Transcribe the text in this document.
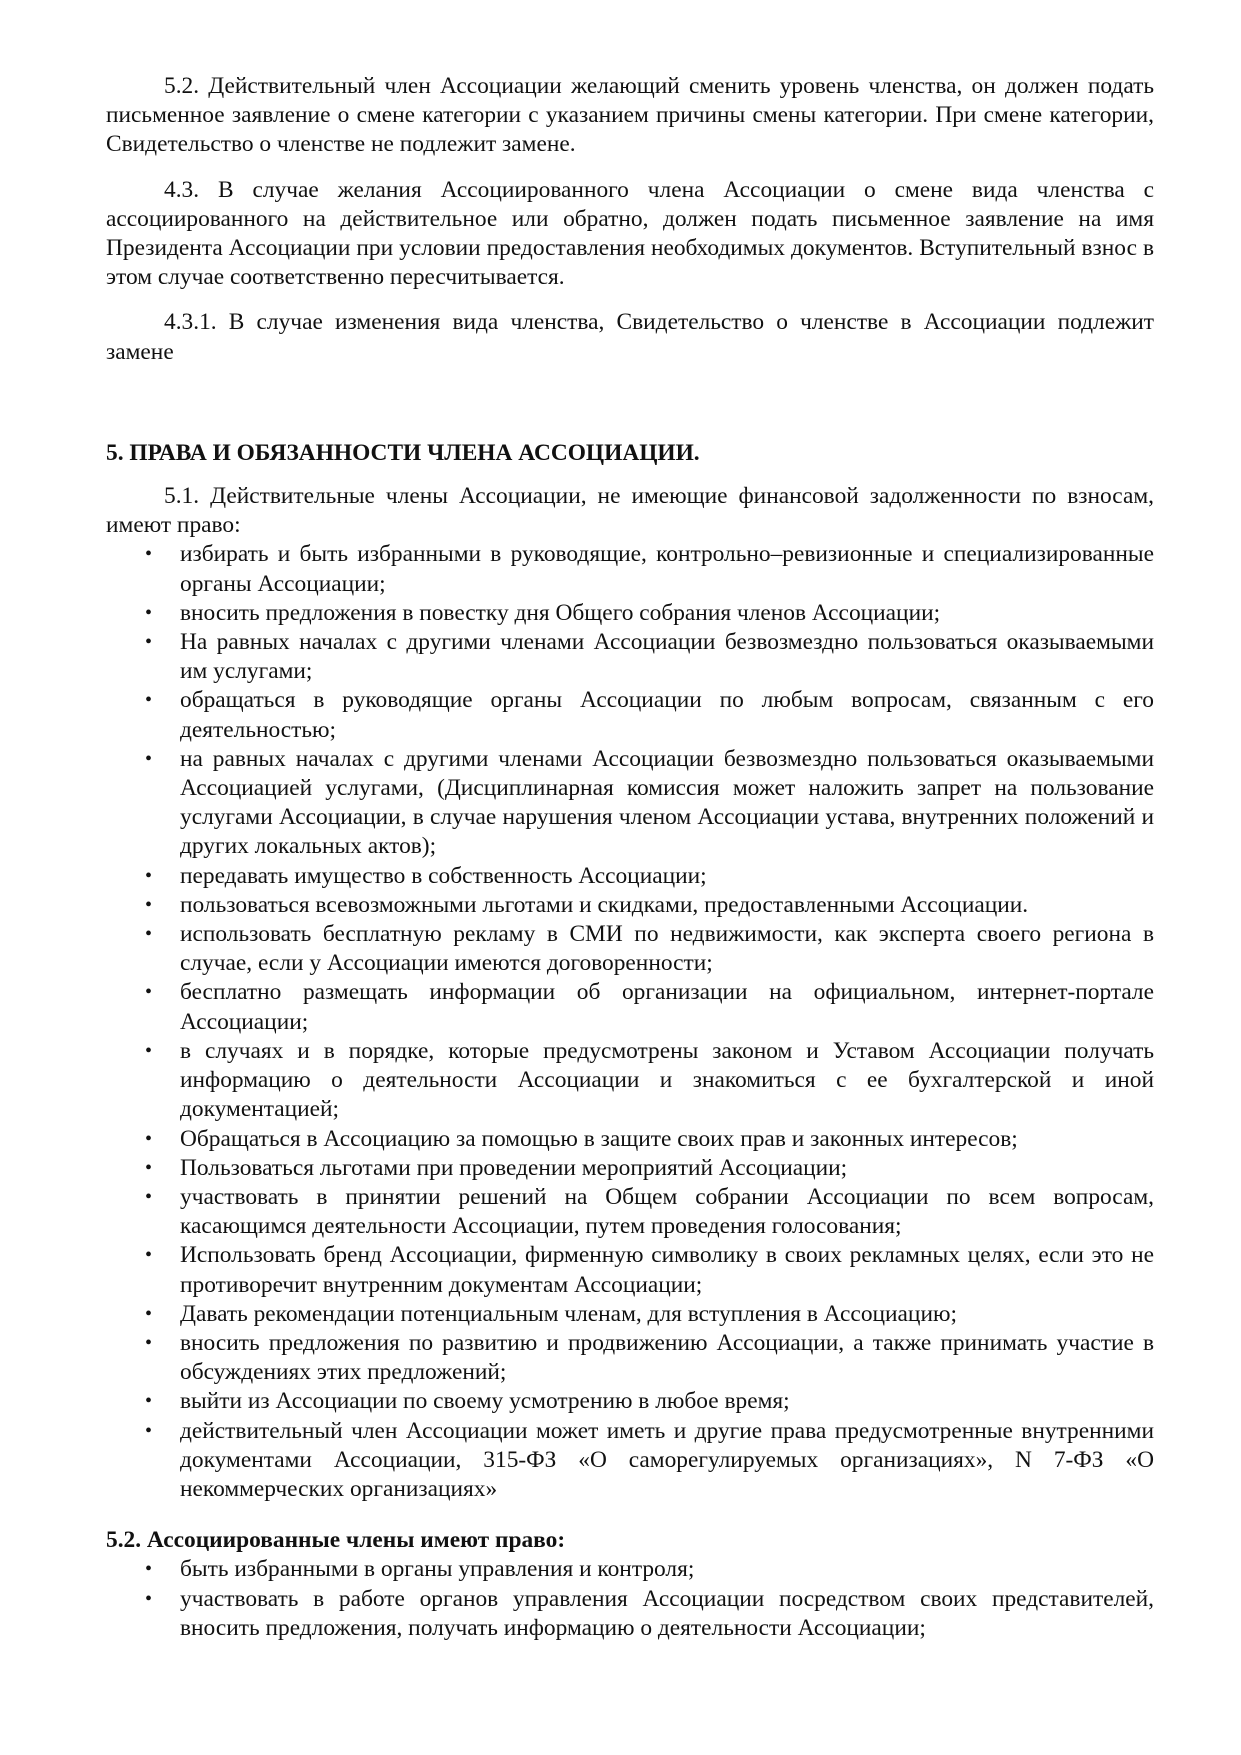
5.2. Действительный член Ассоциации желающий сменить уровень членства, он должен подать письменное заявление о смене категории с указанием причины смены категории. При смене категории, Свидетельство о членстве не подлежит замене.

4.3. В случае желания Ассоциированного члена Ассоциации о смене вида членства с ассоциированного на действительное или обратно, должен подать письменное заявление на имя Президента Ассоциации при условии предоставления необходимых документов. Вступительный взнос в этом случае соответственно пересчитывается.

4.3.1. В случае изменения вида членства, Свидетельство о членстве в Ассоциации подлежит замене

5. ПРАВА И ОБЯЗАННОСТИ ЧЛЕНА АССОЦИАЦИИ.

5.1. Действительные члены Ассоциации, не имеющие финансовой задолженности по взносам, имеют право:

• избирать и быть избранными в руководящие, контрольно–ревизионные и специализированные органы Ассоциации;
• вносить предложения в повестку дня Общего собрания членов Ассоциации;
• На равных началах с другими членами Ассоциации безвозмездно пользоваться оказываемыми им услугами;
• обращаться в руководящие органы Ассоциации по любым вопросам, связанным с его деятельностью;
• на равных началах с другими членами Ассоциации безвозмездно пользоваться оказываемыми Ассоциацией услугами, (Дисциплинарная комиссия может наложить запрет на пользование услугами Ассоциации, в случае нарушения членом Ассоциации устава, внутренних положений и других локальных актов);
• передавать имущество в собственность Ассоциации;
• пользоваться всевозможными льготами и скидками, предоставленными Ассоциации.
• использовать бесплатную рекламу в СМИ по недвижимости, как эксперта своего региона в случае, если у Ассоциации имеются договоренности;
• бесплатно размещать информации об организации на официальном, интернет-портале Ассоциации;
• в случаях и в порядке, которые предусмотрены законом и Уставом Ассоциации получать информацию о деятельности Ассоциации и знакомиться с ее бухгалтерской и иной документацией;
• Обращаться в Ассоциацию за помощью в защите своих прав и законных интересов;
• Пользоваться льготами при проведении мероприятий Ассоциации;
• участвовать в принятии решений на Общем собрании Ассоциации по всем вопросам, касающимся деятельности Ассоциации, путем проведения голосования;
• Использовать бренд Ассоциации, фирменную символику в своих рекламных целях, если это не противоречит внутренним документам Ассоциации;
• Давать рекомендации потенциальным членам, для вступления в Ассоциацию;
• вносить предложения по развитию и продвижению Ассоциации, а также принимать участие в обсуждениях этих предложений;
• выйти из Ассоциации по своему усмотрению в любое время;
• действительный член Ассоциации может иметь и другие права предусмотренные внутренними документами Ассоциации, 315-ФЗ «О саморегулируемых организациях», N 7-ФЗ «О некоммерческих организациях»

5.2. Ассоциированные члены имеют право:

• быть избранными в органы управления и контроля;
• участвовать в работе органов управления Ассоциации посредством своих представителей, вносить предложения, получать информацию о деятельности Ассоциации;
